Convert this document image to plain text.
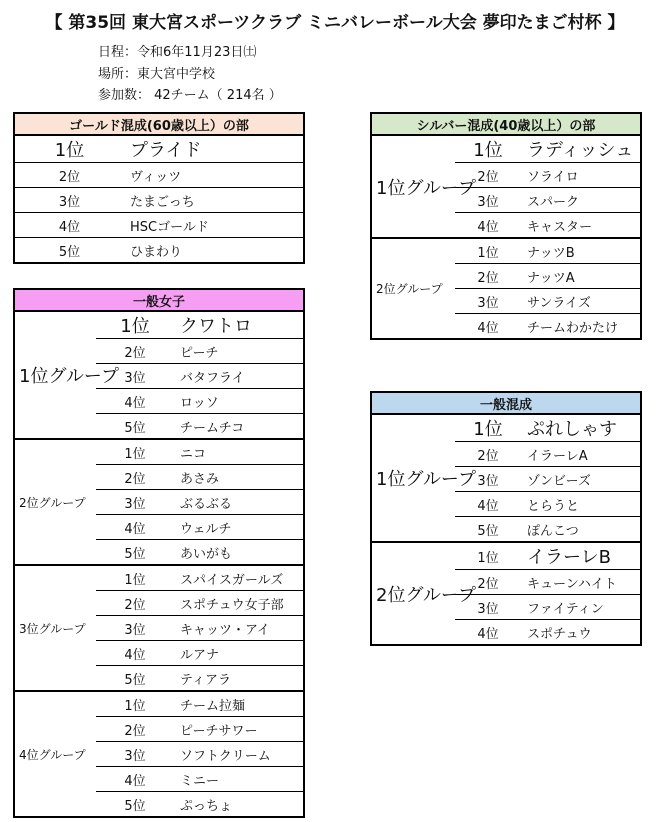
【 第35回 東大宮スポーツクラブ ミニバレーボール大会 夢印たまご村杯 】
日程：令和6年11月23日㈯
場所：東大宮中学校
参加数： 42チーム（ 214名 ）
ゴールド混成(60歳以上）の部	
1位	プライド
2位	ヴィッツ
3位	たまごっち
4位	HSCゴールド
5位	ひまわり
一般女子		
1位グループ	1位	クワトロ
	2位	ピーチ
	3位	バタフライ
	4位	ロッソ
	5位	チームチコ
2位グループ	1位	ニコ
	2位	あさみ
	3位	ぶるぶる
	4位	ウェルチ
	5位	あいがも
3位グループ	1位	スパイスガールズ
	2位	スポチュウ女子部
	3位	キャッツ・アイ
	4位	ルアナ
	5位	ティアラ
4位グループ	1位	チーム拉麺
	2位	ピーチサワー
	3位	ソフトクリーム
	4位	ミニー
	5位	ぷっちょ
シルバー混成(40歳以上）の部		
1位グループ	1位	ラディッシュ
	2位	ソライロ
	3位	スパーク
	4位	キャスター
2位グループ	1位	ナッツB
	2位	ナッツA
	3位	サンライズ
	4位	チームわかたけ
一般混成		
1位グループ	1位	ぷれしゃす
	2位	イラーレA
	3位	ゾンビーズ
	4位	とらうと
	5位	ぽんこつ
2位グループ	1位	イラーレB
	2位	キューンハイト
	3位	ファイティン
	4位	スポチュウ
